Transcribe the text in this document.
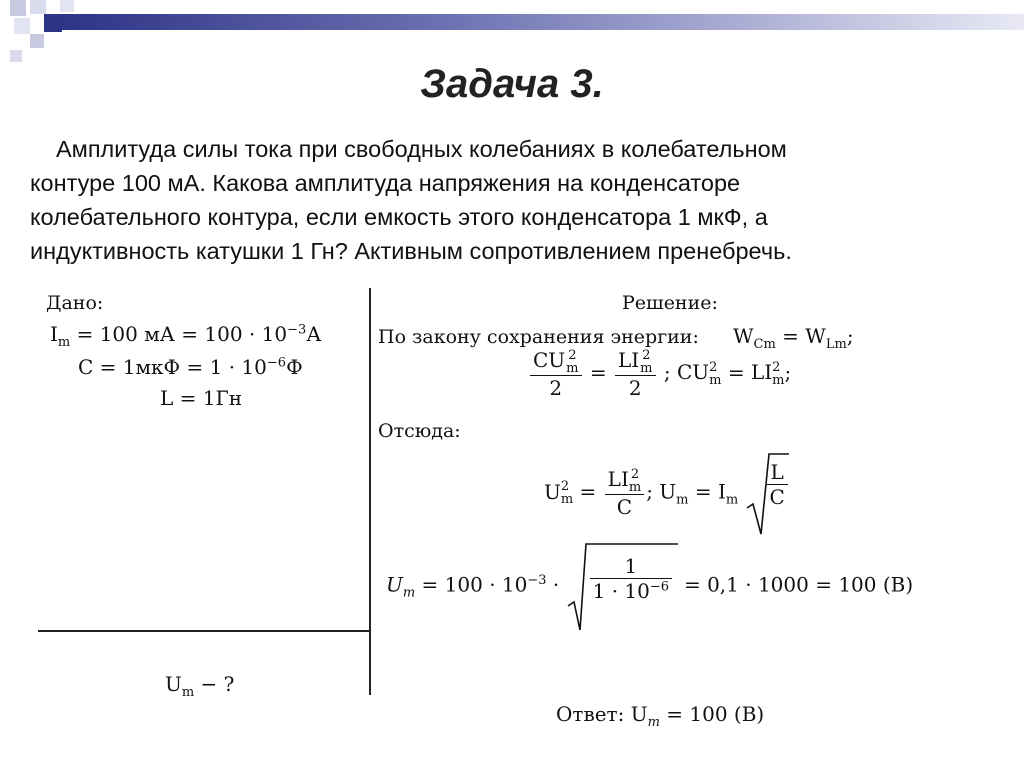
Задача 3.
Амплитуда силы тока при свободных колебаниях в колебательном
контуре 100 мА. Какова амплитуда напряжения на конденсаторе
колебательного контура, если емкость этого конденсатора 1 мкФ, а
индуктивность катушки 1 Гн? Активным сопротивлением пренебречь.
Дано:
$I_m = 100$ мА = $100 \cdot 10^{-3}А$
$C = 1мкФ = 1 \cdot 10^{-6}Ф$
L = 1Гн
$U_m$ − ?
Решение:
По закону сохранения энергии: $W_{Cm} = W_{Lm}$;
CU 2
m
2 = LI 2
m
2 ; CU 2
m = LI 2
m ;
Отсюда:
U 2
m = LI 2
m
C ; $U_m = I_m \frac{L}{C}$
$U_m = 100 \cdot 10^{-3} \cdot \frac{1}{1 \cdot 10^{-6}} = 0,1 \cdot 1000 = 100$ (В)
Ответ: $U_m = 100$ (В)
